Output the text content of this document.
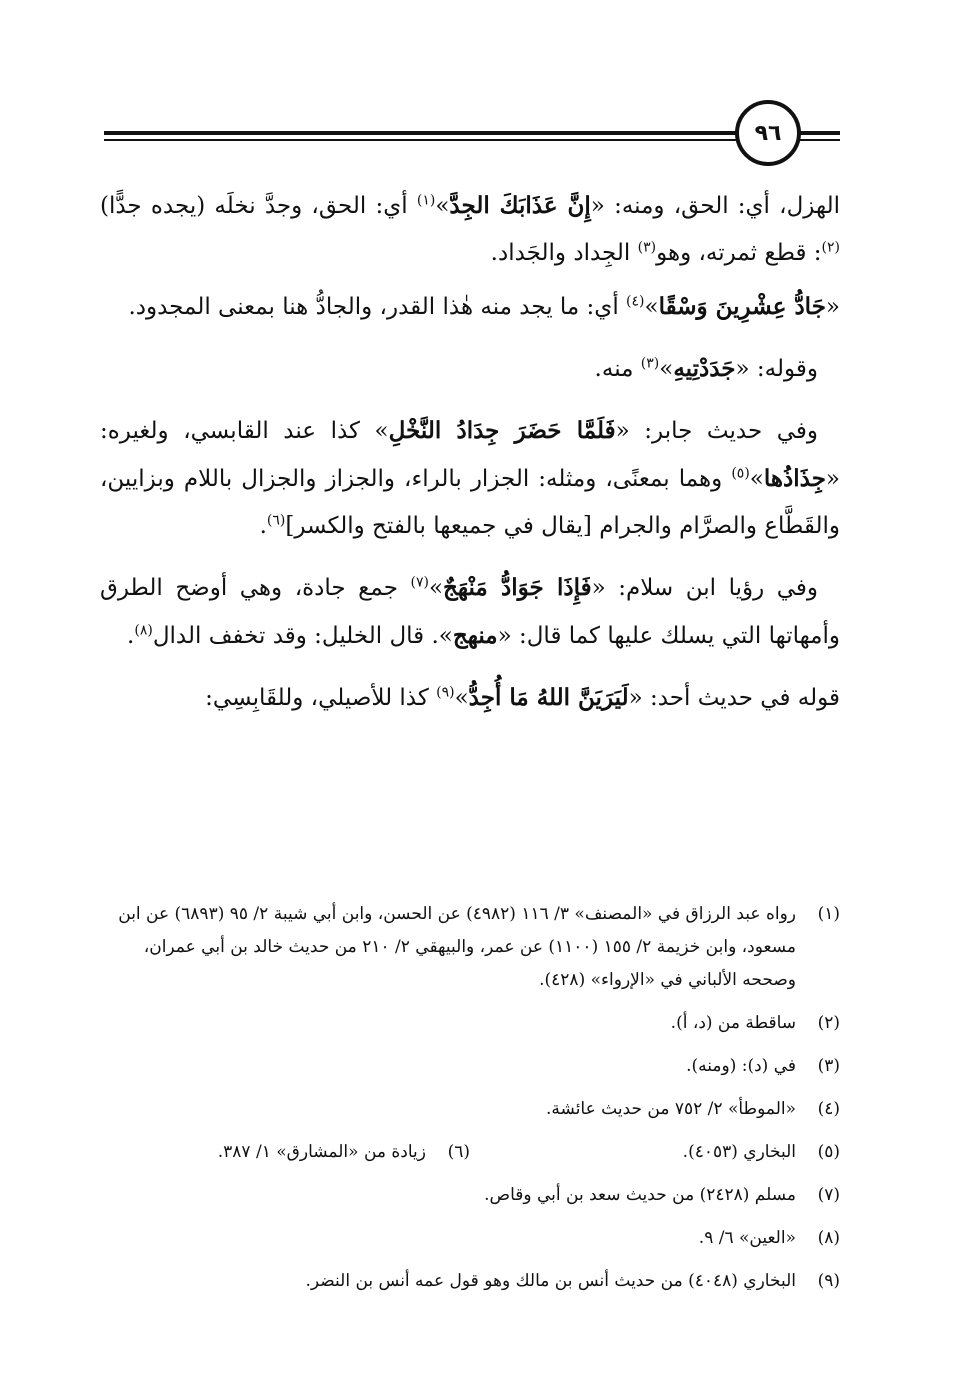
٩٦

الهزل، أي: الحق، ومنه: «إِنَّ عَذَابَكَ الجِدَّ»$^{(١)}$ أي: الحق، وجدَّ نخلَه (يجده جدًّا)$^{(٢)}$: قطع ثمرته، وهو$^{(٣)}$ الجِداد والجَداد.

«جَادُّ عِشْرِينَ وَسْقًا»$^{(٤)}$ أي: ما يجد منه هٰذا القدر، والجادُّ هنا بمعنى المجدود.

وقوله: «جَدَدْتِيهِ»$^{(٣)}$ منه.

وفي حديث جابر: «فَلَمَّا حَضَرَ جِدَادُ النَّخْلِ» كذا عند القابسي، ولغيره: «جِذَاذُها»$^{(٥)}$ وهما بمعنًى، ومثله: الجزار بالراء، والجزاز والجزال باللام وبزايين، والقَطَّاع والصرَّام والجرام [يقال في جميعها بالفتح والكسر]$^{(٦)}$.

وفي رؤيا ابن سلام: «فَإِذَا جَوَادُّ مَنْهَجٌ»$^{(٧)}$ جمع جادة، وهي أوضح الطرق وأمهاتها التي يسلك عليها كما قال: «منهج». قال الخليل: وقد تخفف الدال$^{(٨)}$.

قوله في حديث أحد: «لَيَرَيَنَّ اللهُ مَا أُجِدُّ»$^{(٩)}$ كذا للأصيلي، وللقَابِسِي:

(١)
رواه عبد الرزاق في «المصنف» ٣/ ١١٦ (٤٩٨٢) عن الحسن، وابن أبي شيبة ٢/ ٩٥ (٦٨٩٣) عن ابن مسعود، وابن خزيمة ٢/ ١٥٥ (١١٠٠) عن عمر، والبيهقي ٢/ ٢١٠ من حديث خالد بن أبي عمران، وصححه الألباني في «الإرواء» (٤٢٨).
(٢)
ساقطة من (د، أ).
(٣)
في (د): (ومنه).
(٤)
«الموطأ» ٢/ ٧٥٢ من حديث عائشة.
(٥)
البخاري (٤٠٥٣).
(٦)
زيادة من «المشارق» ١/ ٣٨٧.
(٧)
مسلم (٢٤٢٨) من حديث سعد بن أبي وقاص.
(٨)
«العين» ٦/ ٩.
(٩)
البخاري (٤٠٤٨) من حديث أنس بن مالك وهو قول عمه أنس بن النضر.
